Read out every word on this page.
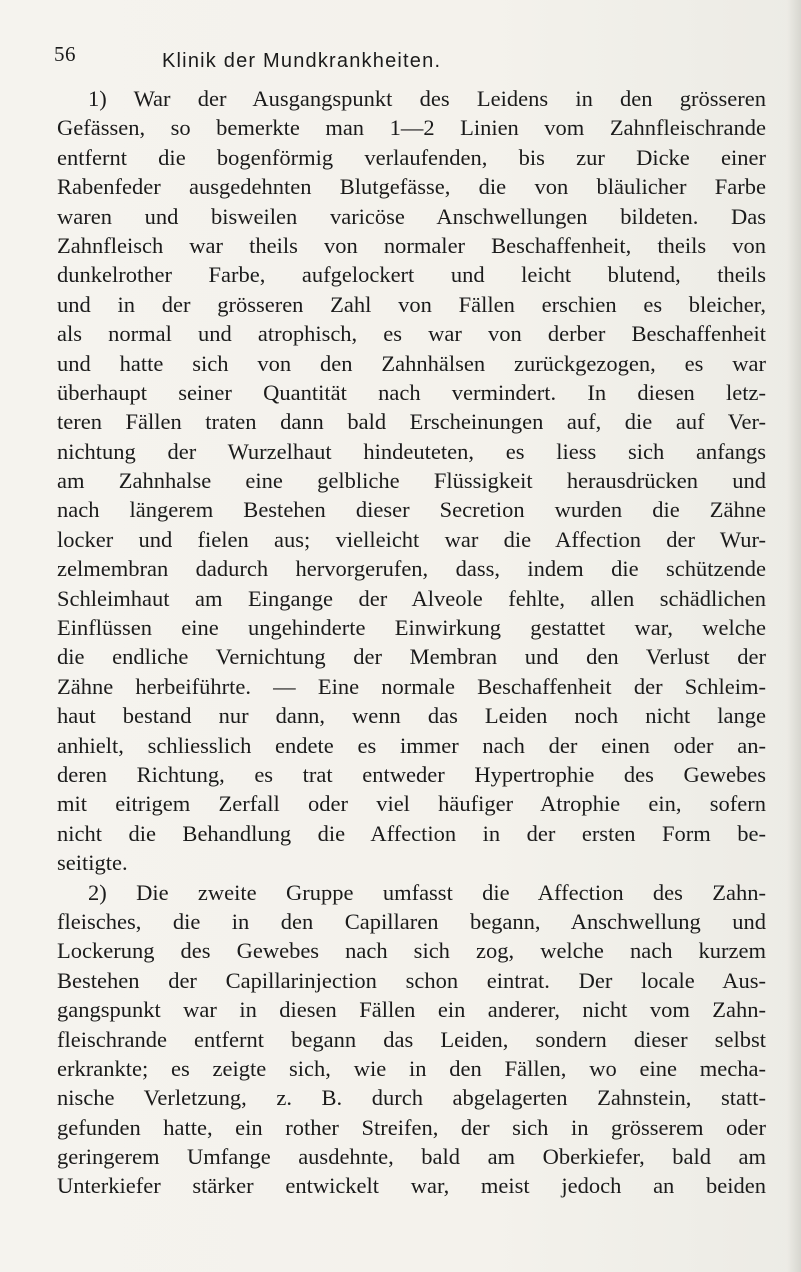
56	Klinik der Mundkrankheiten.
1) War der Ausgangspunkt des Leidens in den grösseren
Gefässen, so bemerkte man 1—2 Linien vom Zahnfleischrande
entfernt die bogenförmig verlaufenden, bis zur Dicke einer
Rabenfeder ausgedehnten Blutgefässe, die von bläulicher Farbe
waren und bisweilen varicöse Anschwellungen bildeten. Das
Zahnfleisch war theils von normaler Beschaffenheit, theils von
dunkelrother Farbe, aufgelockert und leicht blutend, theils
und in der grösseren Zahl von Fällen erschien es bleicher,
als normal und atrophisch, es war von derber Beschaffenheit
und hatte sich von den Zahnhälsen zurückgezogen, es war
überhaupt seiner Quantität nach vermindert. In diesen letz-
teren Fällen traten dann bald Erscheinungen auf, die auf Ver-
nichtung der Wurzelhaut hindeuteten, es liess sich anfangs
am Zahnhalse eine gelbliche Flüssigkeit herausdrücken und
nach längerem Bestehen dieser Secretion wurden die Zähne
locker und fielen aus; vielleicht war die Affection der Wur-
zelmembran dadurch hervorgerufen, dass, indem die schützende
Schleimhaut am Eingange der Alveole fehlte, allen schädlichen
Einflüssen eine ungehinderte Einwirkung gestattet war, welche
die endliche Vernichtung der Membran und den Verlust der
Zähne herbeiführte. — Eine normale Beschaffenheit der Schleim-
haut bestand nur dann, wenn das Leiden noch nicht lange
anhielt, schliesslich endete es immer nach der einen oder an-
deren Richtung, es trat entweder Hypertrophie des Gewebes
mit eitrigem Zerfall oder viel häufiger Atrophie ein, sofern
nicht die Behandlung die Affection in der ersten Form be-
seitigte.
2) Die zweite Gruppe umfasst die Affection des Zahn-
fleisches, die in den Capillaren begann, Anschwellung und
Lockerung des Gewebes nach sich zog, welche nach kurzem
Bestehen der Capillarinjection schon eintrat. Der locale Aus-
gangspunkt war in diesen Fällen ein anderer, nicht vom Zahn-
fleischrande entfernt begann das Leiden, sondern dieser selbst
erkrankte; es zeigte sich, wie in den Fällen, wo eine mecha-
nische Verletzung, z. B. durch abgelagerten Zahnstein, statt-
gefunden hatte, ein rother Streifen, der sich in grösserem oder
geringerem Umfange ausdehnte, bald am Oberkiefer, bald am
Unterkiefer stärker entwickelt war, meist jedoch an beiden
